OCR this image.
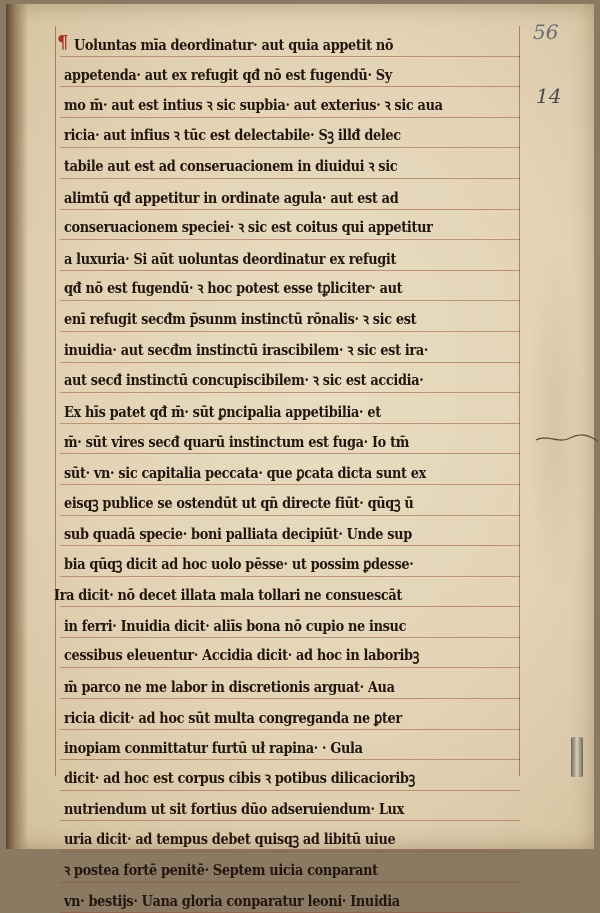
56
14
¶ Uoluntas mīa deordinatur· aut quia appetit nō
appetenda· aut ex refugit qđ nō est fugendū· Sy
mo m̄· aut est intius ꝛ sic supbia· aut exterius· ꝛ sic aua
ricia· aut infius ꝛ tūc est delectabile· Sꝫ illđ delec
tabile aut est ad conseruacionem in diuidui ꝛ sic
alimtū qđ appetitur in ordinate agula· aut est ad
conseruacionem speciei· ꝛ sic est coitus qui appetitur
a luxuria· Si aūt uoluntas deordinatur ex refugit
qđ nō est fugendū· ꝛ hoc potest esse tꝑliciter· aut
enī refugit secđm p̄sunm instinctū rōnalis· ꝛ sic est
inuidia· aut secđm instinctū irascibilem· ꝛ sic est ira·
aut secđ instinctū concupiscibilem· ꝛ sic est accidia·
Ex hīs patet qđ m̄· sūt ꝑncipalia appetibilia· et
m̄· sūt vires secđ quarū instinctum est fuga· Io tm̄
sūt· vn· sic capitalia peccata· que ꝑcata dicta sunt ex
eisqꝫ publice se ostendūt ut qn̄ directe fiūt· qūqꝫ ū
sub quadā specie· boni palliata decipiūt· Unde sup
bia qūqꝫ dicit ad hoc uolo pēsse· ut possim ꝑdesse·
Ira dicit· nō decet illata mala tollari ne consuescāt
in ferri· Inuidia dicit· aliīs bona nō cupio ne insuc
cessibus eleuentur· Accidia dicit· ad hoc in laboribꝫ
m̄ parco ne me labor in discretionis arguat· Aua
ricia dicit· ad hoc sūt multa congreganda ne ꝑter
inopiam conmittatur furtū uł rapina· · Gula
dicit· ad hoc est corpus cibis ꝛ potibus dilicacioribꝫ
nutriendum ut sit fortius dūo adseruiendum· Lux
uria dicit· ad tempus debet quisqꝫ ad libitū uiue
ꝛ postea fortē penitē· Septem uicia conparant
vn· bestijs· Uana gloria conparatur leoni· Inuidia
